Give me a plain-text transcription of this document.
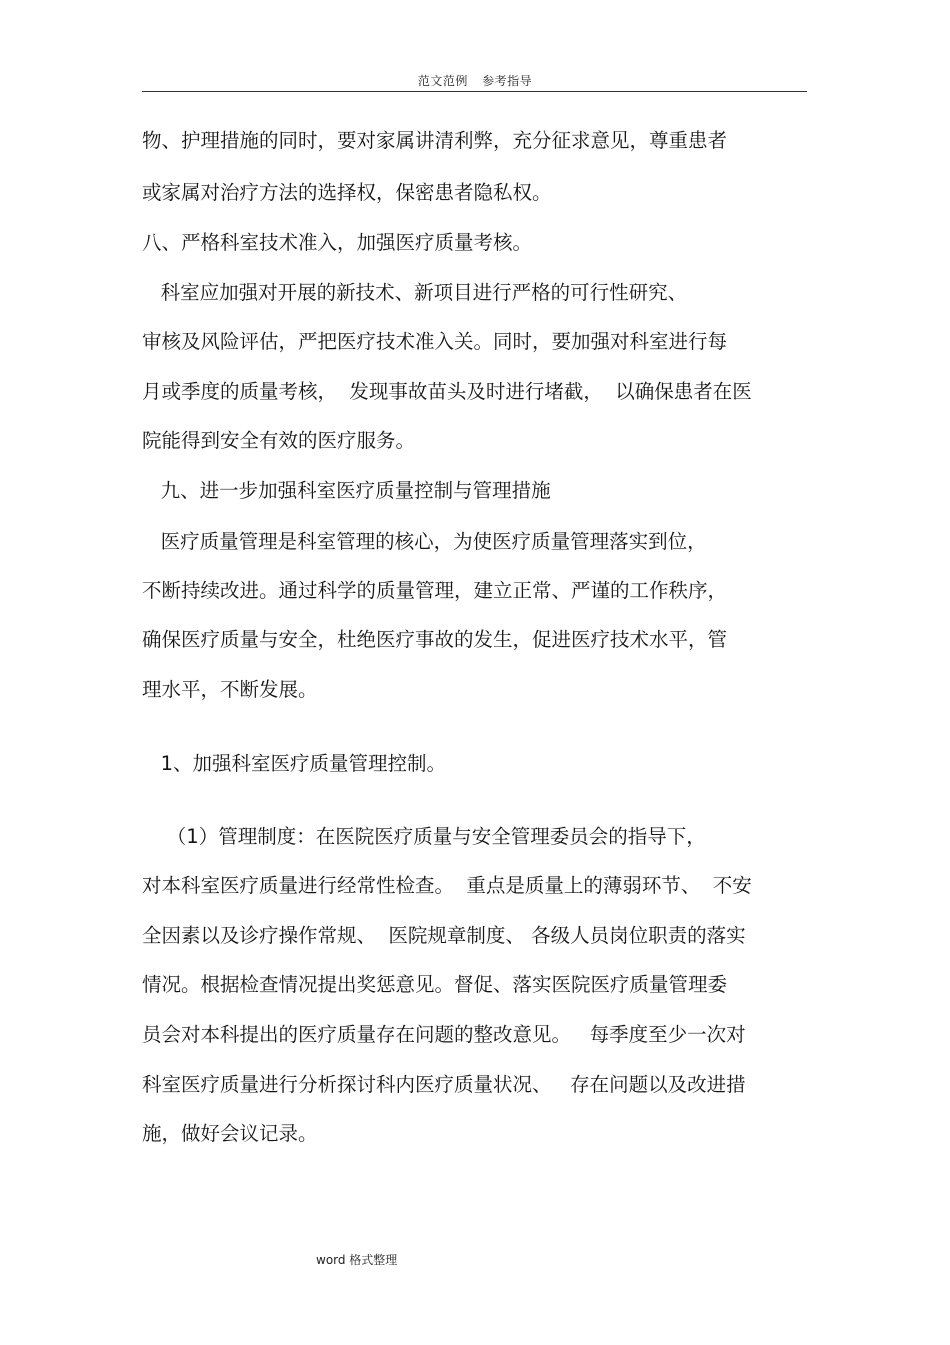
范文范例 参考指导
物、护理措施的同时，要对家属讲清利弊，充分征求意见，尊重患者
或家属对治疗方法的选择权，保密患者隐私权。
八、严格科室技术准入，加强医疗质量考核。
科室应加强对开展的新技术、新项目进行严格的可行性研究、
审核及风险评估，严把医疗技术准入关。同时，要加强对科室进行每
月或季度的质量考核，  发现事故苗头及时进行堵截，  以确保患者在医
院能得到安全有效的医疗服务。
九、进一步加强科室医疗质量控制与管理措施
医疗质量管理是科室管理的核心，为使医疗质量管理落实到位，
不断持续改进。通过科学的质量管理，建立正常、严谨的工作秩序，
确保医疗质量与安全，杜绝医疗事故的发生，促进医疗技术水平，管
理水平，不断发展。
1、加强科室医疗质量管理控制。
（1）管理制度：在医院医疗质量与安全管理委员会的指导下，
对本科室医疗质量进行经常性检查。  重点是质量上的薄弱环节、  不安
全因素以及诊疗操作常规、  医院规章制度、 各级人员岗位职责的落实
情况。根据检查情况提出奖惩意见。督促、落实医院医疗质量管理委
员会对本科提出的医疗质量存在问题的整改意见。   每季度至少一次对
科室医疗质量进行分析探讨科内医疗质量状况、   存在问题以及改进措
施，做好会议记录。
word 格式整理
